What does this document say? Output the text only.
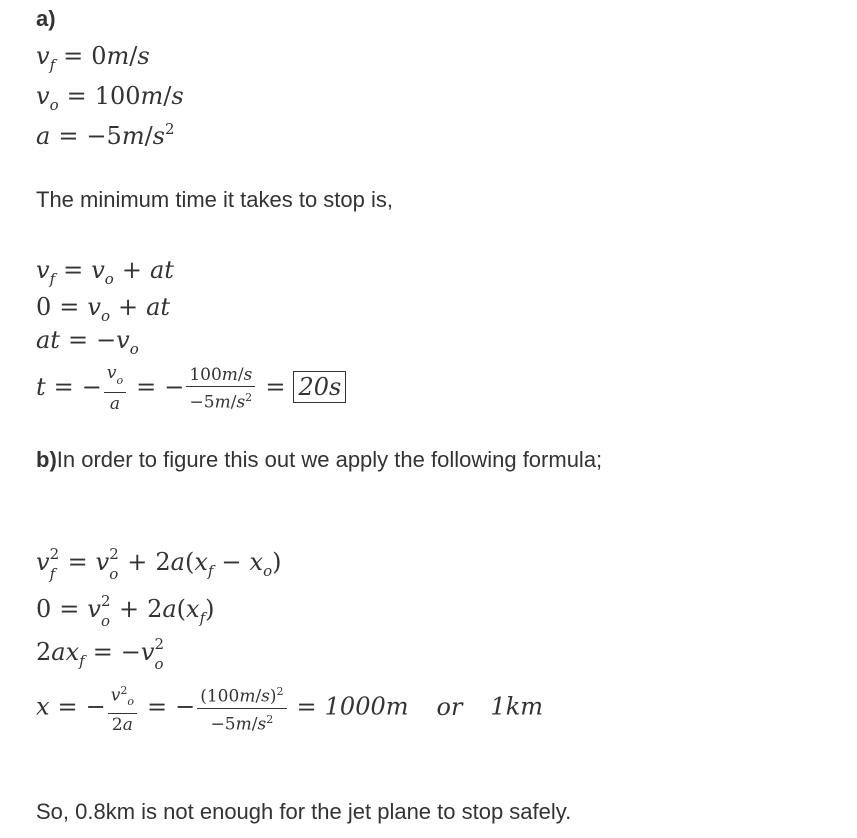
a)
$v_f = 0m/s$
$v_o = 100m/s$
$a = -5m/s^2$
The minimum time it takes to stop is,
$v_f = v_o$ + at
$0 = v_o$ + at
at = $-v_o$
t = − $\frac{v_o}{a}$ = − $\frac{100m/s}{-5m/s^2} = 20s$
b)In order to figure this out we apply the following formula;
v 2
f = v 2
$o + 2a(x_f - x_o)$
0 = v 2
$o + 2a(x_f)$
$2ax_f = -v$ 2
o
x = − $\frac{v^2_o}{2a}$ = − $\frac{(100m/s)^2}{-5m/s^2} = 1000m$ or 1km
So, 0.8km is not enough for the jet plane to stop safely.
